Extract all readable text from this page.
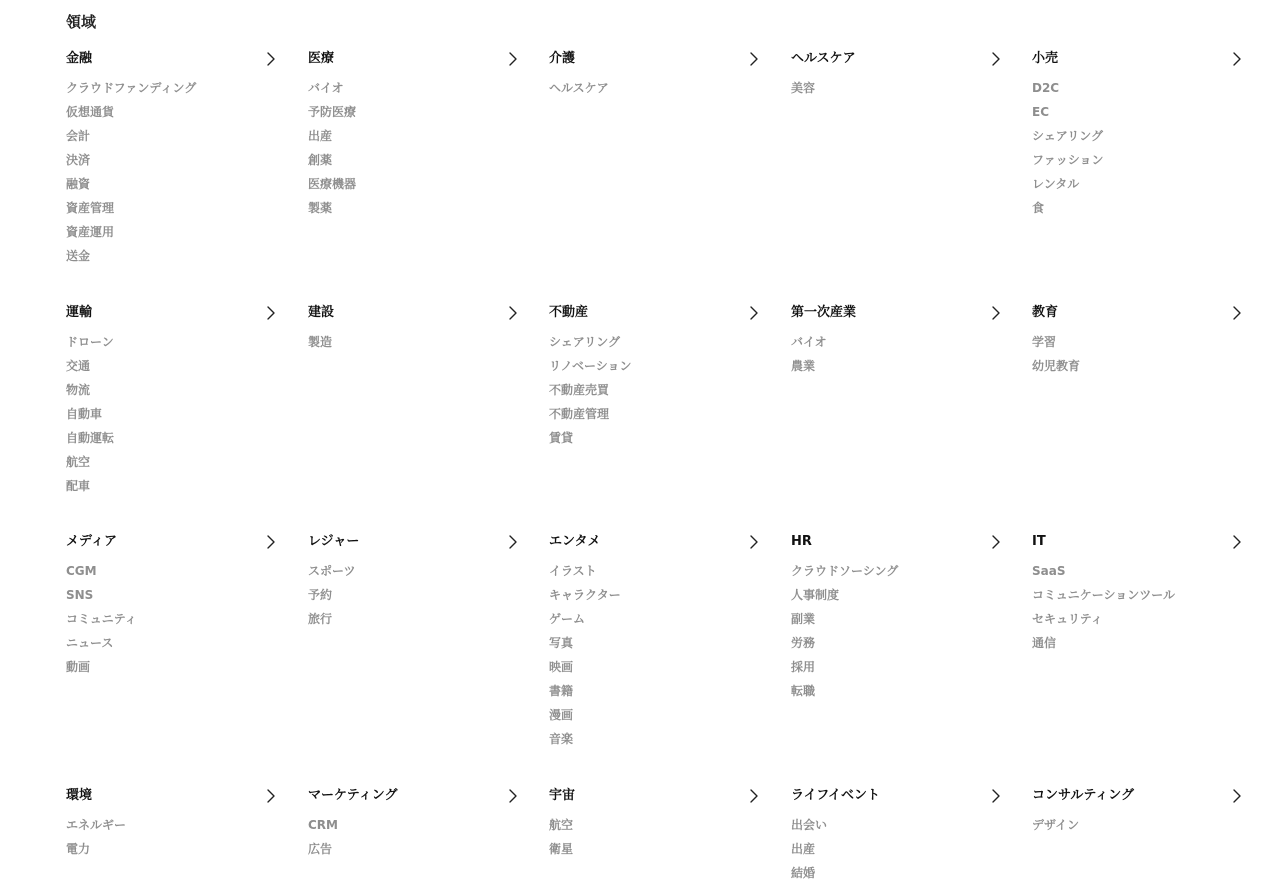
領域
金融
クラウドファンディング
仮想通貨
会計
決済
融資
資産管理
資産運用
送金
医療
バイオ
予防医療
出産
創薬
医療機器
製薬
介護
ヘルスケア
ヘルスケア
美容
小売
D2C
EC
シェアリング
ファッション
レンタル
食
運輸
ドローン
交通
物流
自動車
自動運転
航空
配車
建設
製造
不動産
シェアリング
リノベーション
不動産売買
不動産管理
賃貸
第一次産業
バイオ
農業
教育
学習
幼児教育
メディア
CGM
SNS
コミュニティ
ニュース
動画
レジャー
スポーツ
予約
旅行
エンタメ
イラスト
キャラクター
ゲーム
写真
映画
書籍
漫画
音楽
HR
クラウドソーシング
人事制度
副業
労務
採用
転職
IT
SaaS
コミュニケーションツール
セキュリティ
通信
環境
エネルギー
電力
マーケティング
CRM
広告
宇宙
航空
衛星
ライフイベント
出会い
出産
結婚
コンサルティング
デザイン
